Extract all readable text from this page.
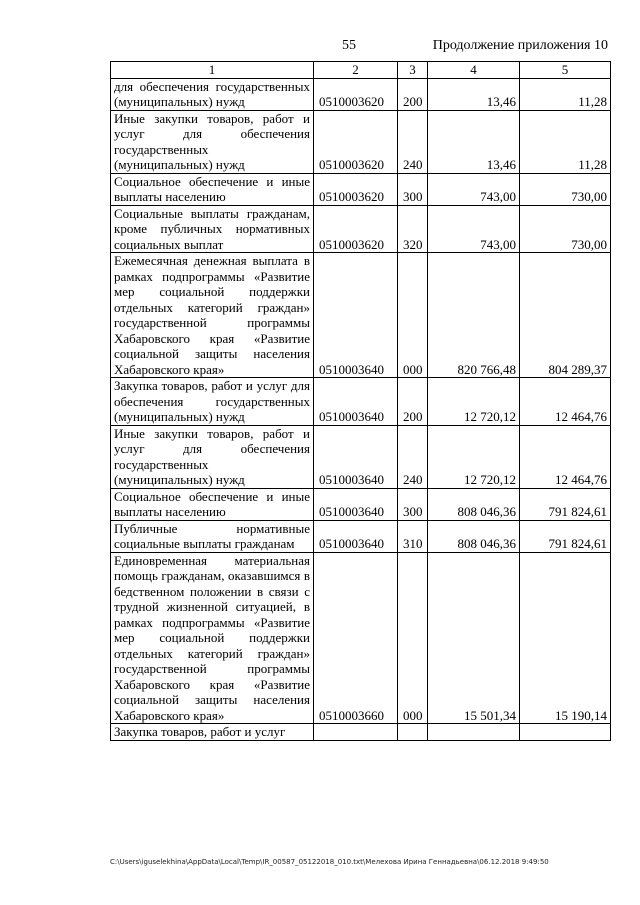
55	Продолжение приложения 10
1	2	3	4	5
для обеспечения государственных (муниципальных) нужд	0510003620	200	13,46	11,28
Иные закупки товаров, работ и услуг для обеспечения государственных (муниципальных) нужд	0510003620	240	13,46	11,28
Социальное обеспечение и иные выплаты населению	0510003620	300	743,00	730,00
Социальные выплаты гражданам, кроме публичных нормативных социальных выплат	0510003620	320	743,00	730,00
Ежемесячная денежная выплата в рамках подпрограммы «Развитие мер социальной поддержки отдельных категорий граждан» государственной программы Хабаровского края «Развитие социальной защиты населения Хабаровского края»	0510003640	000	820 766,48	804 289,37
Закупка товаров, работ и услуг для обеспечения государственных (муниципальных) нужд	0510003640	200	12 720,12	12 464,76
Иные закупки товаров, работ и услуг для обеспечения государственных (муниципальных) нужд	0510003640	240	12 720,12	12 464,76
Социальное обеспечение и иные выплаты населению	0510003640	300	808 046,36	791 824,61
Публичные нормативные социальные выплаты гражданам	0510003640	310	808 046,36	791 824,61
Единовременная материальная помощь гражданам, оказавшимся в бедственном положении в связи с трудной жизненной ситуацией, в рамках подпрограммы «Развитие мер социальной поддержки отдельных категорий граждан» государственной программы Хабаровского края «Развитие социальной защиты населения Хабаровского края»	0510003660	000	15 501,34	15 190,14
Закупка товаров, работ и услуг				
C:\Users\iguselekhina\AppData\Local\Temp\IR_00587_05122018_010.txt\Мелехова Ирина Геннадьевна\06.12.2018 9:49:50
